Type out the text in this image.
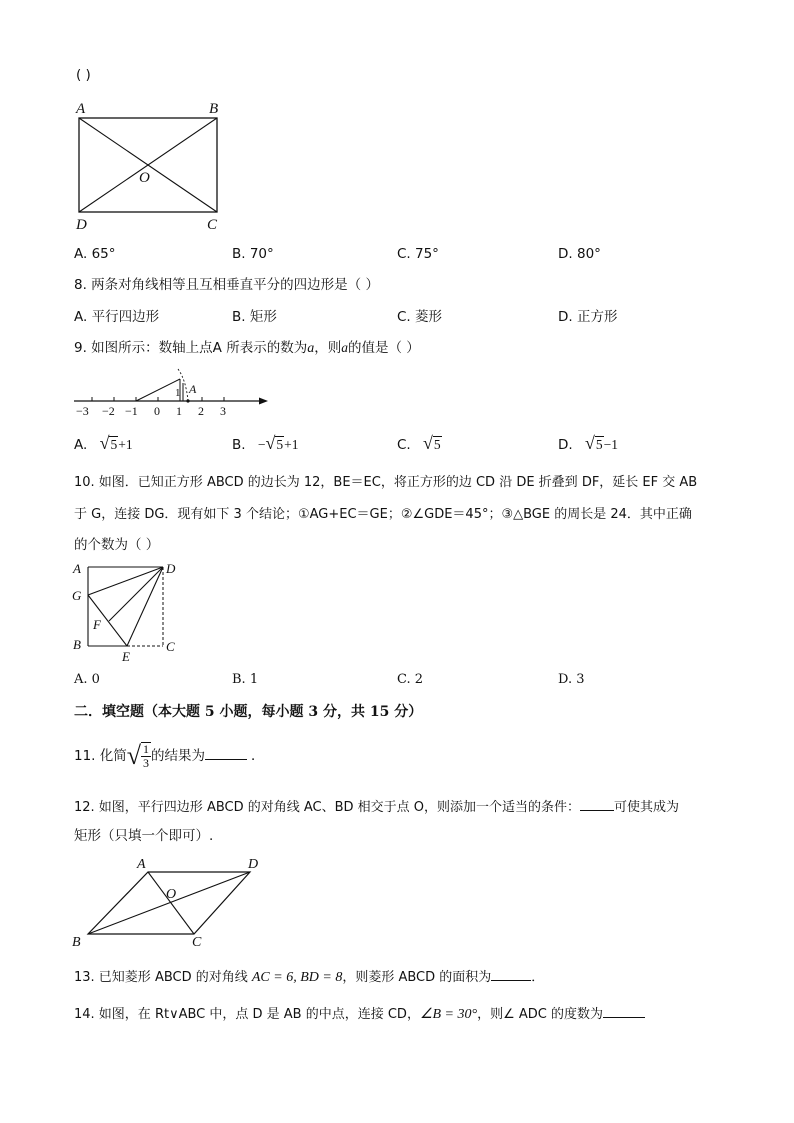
( )
A	B
O
D	C
A. 65°	B. 70°	C. 75°	D. 80°
8. 两条对角线相等且互相垂直平分的四边形是（ ）
A. 平行四边形	B. 矩形	C. 菱形	D. 正方形
9. 如图所示：数轴上点A 所表示的数为a，则a的值是（ ）
A
−3 −2 −1 0 1
1
2 3
A. √5+1	B. −√5+1	C. √5	D. √5−1
10. 如图．已知正方形 ABCD 的边长为 12，BE＝EC，将正方形的边 CD 沿 DE 折叠到 DF，延长 EF 交 AB
于 G，连接 DG．现有如下 3 个结论；①AG+EC＝GE；②∠GDE＝45°；③△BGE 的周长是 24．其中正确
的个数为（ ）
A	D
G
F
B
E
C
A. 0	B. 1	C. 2	D. 3
二．填空题（本大题 5 小题，每小题 3 分，共 15 分）
11. 化简√ $\frac{1}{3}$ 的结果为	．
12. 如图，平行四边形 ABCD 的对角线 AC、BD 相交于点 O，则添加一个适当的条件：	可使其成为
矩形（只填一个即可）.
A	D
O
B	C
13. 已知菱形 ABCD 的对角线 AC = 6, BD = 8，则菱形 ABCD 的面积为	．
14. 如图，在 Rt∨ABC 中，点 D 是 AB 的中点，连接 CD，∠B = 30°，则∠ ADC 的度数为
